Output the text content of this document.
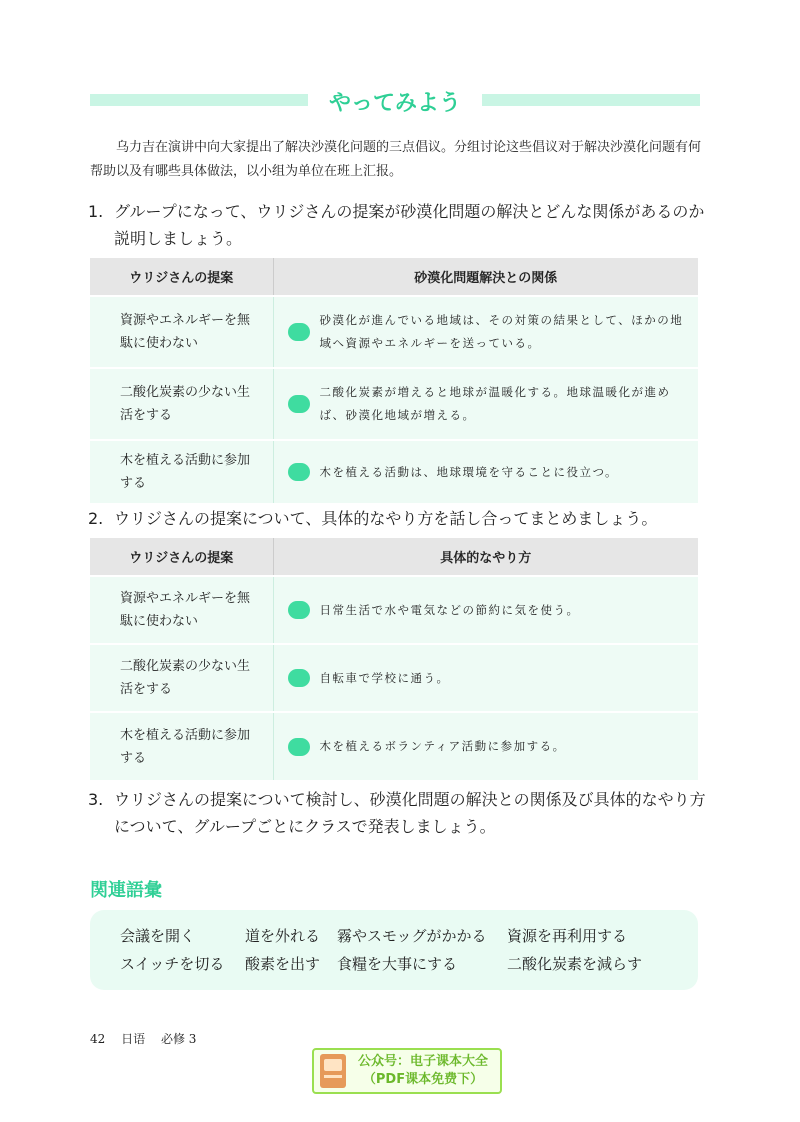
やってみよう

乌力吉在演讲中向大家提出了解决沙漠化问题的三点倡议。分组讨论这些倡议对于解决沙漠化问题有何帮助以及有哪些具体做法，以小组为单位在班上汇报。

1. グループになって、ウリジさんの提案が砂漠化問題の解決とどんな関係があるのか説明しましょう。
ウリジさんの提案	砂漠化問題解決との関係
資源やエネルギーを無駄に使わない	砂漠化が進んでいる地域は、その対策の結果として、ほかの地域へ資源やエネルギーを送っている。

二酸化炭素の少ない生活をする	二酸化炭素が増えると地球が温暖化する。地球温暖化が進めば、砂漠化地域が増える。

木を植える活動に参加する	木を植える活動は、地球環境を守ることに役立つ。
2. ウリジさんの提案について、具体的なやり方を話し合ってまとめましょう。
ウリジさんの提案	具体的なやり方
資源やエネルギーを無駄に使わない	日常生活で水や電気などの節約に気を使う。

二酸化炭素の少ない生活をする	自転車で学校に通う。

木を植える活動に参加する	木を植えるボランティア活動に参加する。
3. ウリジさんの提案について検討し、砂漠化問題の解決との関係及び具体的なやり方について、グループごとにクラスで発表しましょう。
関連語彙
会議を開く	道を外れる	霧やスモッグがかかる	資源を再利用する
スイッチを切る	酸素を出す	食糧を大事にする	二酸化炭素を減らす
42 日语 必修 3
公众号：电子课本大全
（PDF课本免费下）
